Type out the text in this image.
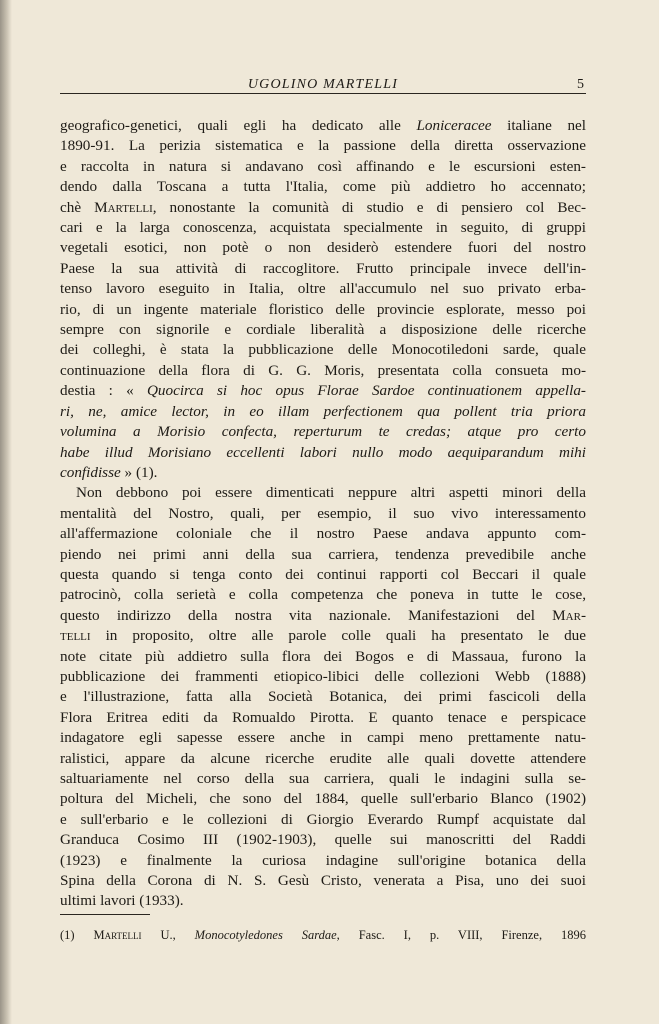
UGOLINO MARTELLI	5
geografico-genetici, quali egli ha dedicato alle Loniceracee italiane nel
1890-91. La perizia sistematica e la passione della diretta osservazione
e raccolta in natura si andavano così affinando e le escursioni esten-
dendo dalla Toscana a tutta l'Italia, come più addietro ho accennato;
chè Martelli, nonostante la comunità di studio e di pensiero col Bec-
cari e la larga conoscenza, acquistata specialmente in seguito, di gruppi
vegetali esotici, non potè o non desiderò estendere fuori del nostro
Paese la sua attività di raccoglitore. Frutto principale invece dell'in-
tenso lavoro eseguito in Italia, oltre all'accumulo nel suo privato erba-
rio, di un ingente materiale floristico delle provincie esplorate, messo poi
sempre con signorile e cordiale liberalità a disposizione delle ricerche
dei colleghi, è stata la pubblicazione delle Monocotiledoni sarde, quale
continuazione della flora di G. G. Moris, presentata colla consueta mo-
destia : « Quocirca si hoc opus Florae Sardoe continuationem appella-
ri, ne, amice lector, in eo illam perfectionem qua pollent tria priora
volumina a Morisio confecta, reperturum te credas; atque pro certo
habe illud Morisiano eccellenti labori nullo modo aequiparandum mihi
confidisse » (1).
Non debbono poi essere dimenticati neppure altri aspetti minori della
mentalità del Nostro, quali, per esempio, il suo vivo interessamento
all'affermazione coloniale che il nostro Paese andava appunto com-
piendo nei primi anni della sua carriera, tendenza prevedibile anche
questa quando si tenga conto dei continui rapporti col Beccari il quale
patrocinò, colla serietà e colla competenza che poneva in tutte le cose,
questo indirizzo della nostra vita nazionale. Manifestazioni del Mar-
telli in proposito, oltre alle parole colle quali ha presentato le due
note citate più addietro sulla flora dei Bogos e di Massaua, furono la
pubblicazione dei frammenti etiopico-libici delle collezioni Webb (1888)
e l'illustrazione, fatta alla Società Botanica, dei primi fascicoli della
Flora Eritrea editi da Romualdo Pirotta. E quanto tenace e perspicace
indagatore egli sapesse essere anche in campi meno prettamente natu-
ralistici, appare da alcune ricerche erudite alle quali dovette attendere
saltuariamente nel corso della sua carriera, quali le indagini sulla se-
poltura del Micheli, che sono del 1884, quelle sull'erbario Blanco (1902)
e sull'erbario e le collezioni di Giorgio Everardo Rumpf acquistate dal
Granduca Cosimo III (1902-1903), quelle sui manoscritti del Raddi
(1923) e finalmente la curiosa indagine sull'origine botanica della
Spina della Corona di N. S. Gesù Cristo, venerata a Pisa, uno dei suoi
ultimi lavori (1933).
(1) Martelli U., Monocotyledones Sardae, Fasc. I, p. VIII, Firenze, 1896
